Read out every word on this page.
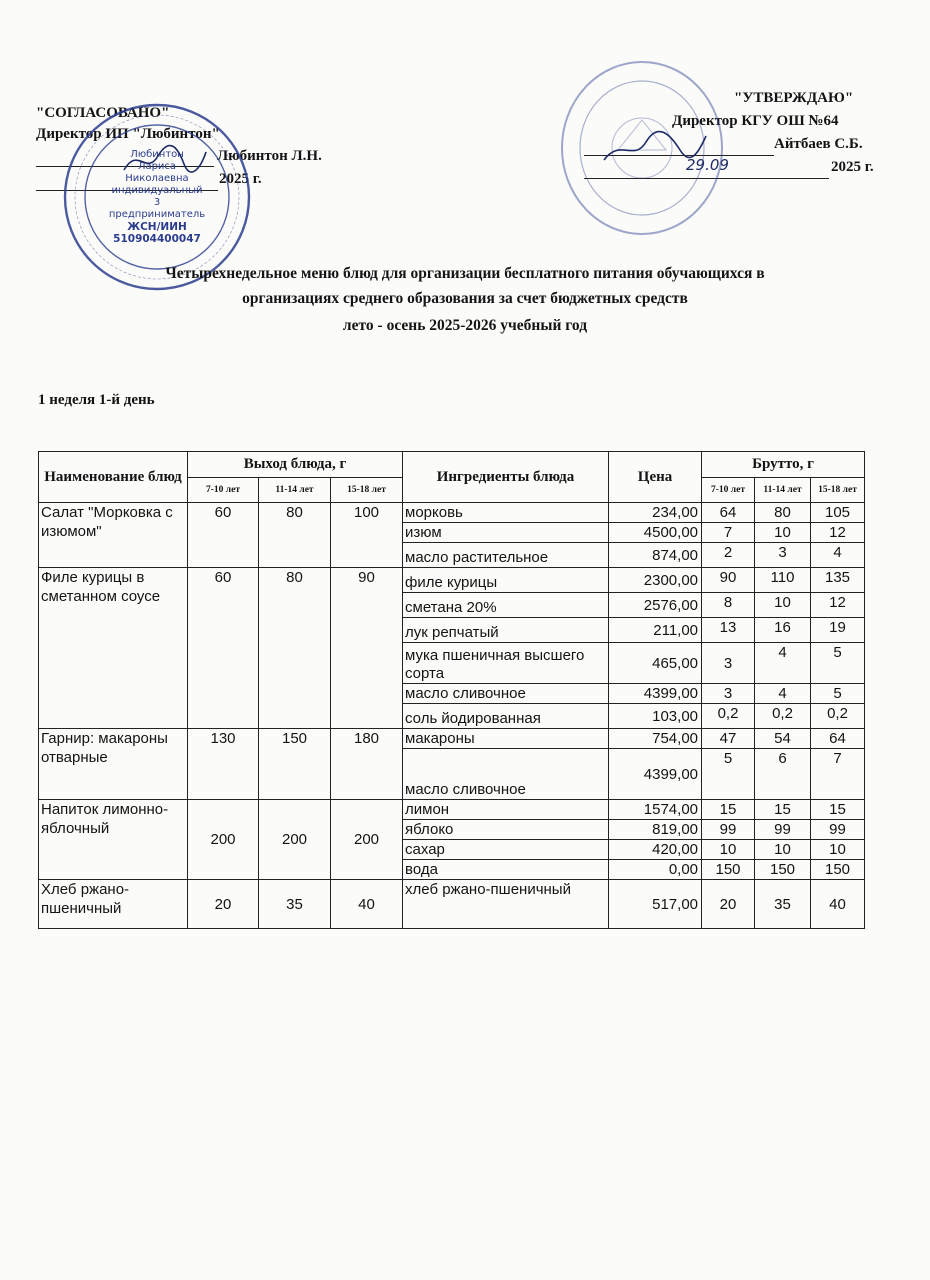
"СОГЛАСОВАНО"
Директор ИП "Любинтон"
Любинтон Л.Н.
2025 г.
Любинтон
Лариса
Николаевна
индивидуальный
3
предприниматель
ЖСН/ИИН
510904400047
"УТВЕРЖДАЮ"
Директор КГУ ОШ №64
Айтбаев С.Б.
29.09	2025 г.
Четырехнедельное меню блюд для организации бесплатного питания обучающихся в
организациях среднего образования за счет бюджетных средств
лето - осень 2025-2026 учебный год
1 неделя 1-й день
Наименование блюд	Выход блюда, г			Ингредиенты блюда	Цена	Брутто, г		
	7-10 лет	11-14 лет	15-18 лет			7-10 лет	11-14 лет	15-18 лет
Салат "Морковка с изюмом"	60	80	100	морковь	234,00	64	80	105
				изюм	4500,00	7	10	12
				масло растительное	874,00	2	3	4
Филе курицы в сметанном соусе	60	80	90	филе курицы	2300,00	90	110	135
				сметана 20%	2576,00	8	10	12
				лук репчатый	211,00	13	16	19
				мука пшеничная высшего сорта	465,00	3	4	5
				масло сливочное	4399,00	3	4	5
				соль йодированная	103,00	0,2	0,2	0,2
Гарнир: макароны отварные	130	150	180	макароны	754,00	47	54	64
				масло сливочное	4399,00	5	6	7
Напиток лимонно-яблочный	200	200	200	лимон	1574,00	15	15	15
				яблоко	819,00	99	99	99
				сахар	420,00	10	10	10
				вода	0,00	150	150	150
Хлеб ржано-пшеничный	20	35	40	хлеб ржано-пшеничный	517,00	20	35	40
